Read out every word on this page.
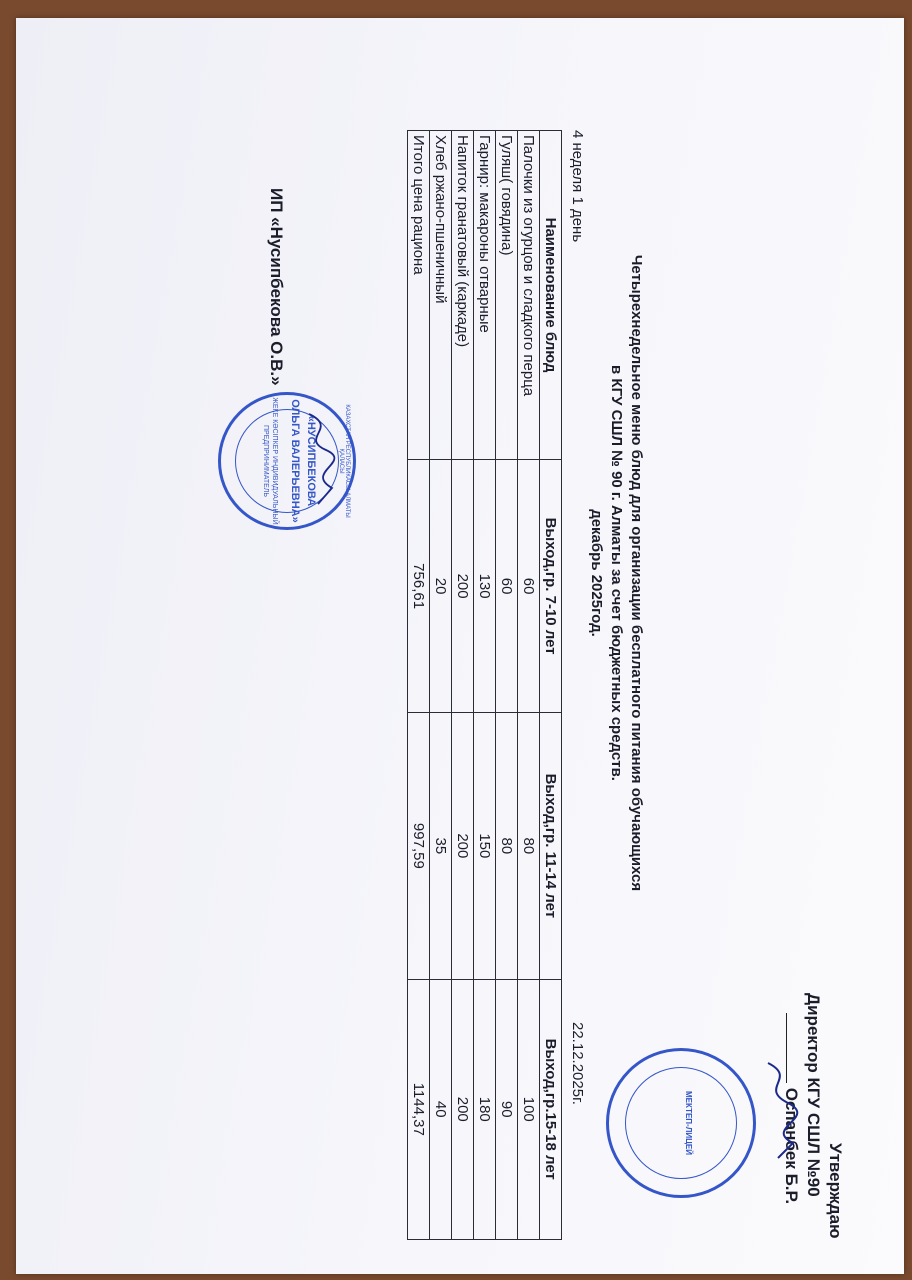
Утверждаю
Директор КГУ СШЛ №90
Оспанбек Б.Р.
МЕКТЕП-ЛИЦЕЙ
Четырехнедельное меню блюд для организации бесплатного питания обучающихся
в КГУ СШЛ № 90 г. Алматы за счет бюджетных средств.
декабрь 2025год.
4 неделя 1 день
22.12.2025г.
Наименование блюд	Выход,гр. 7-10 лет	Выход,гр. 11-14 лет	Выход,гр.15-18 лет
Палочки из огурцов и сладкого перца	60	80	100
Гуляш( говядина)	60	80	90
Гарнир: макароны отварные	130	150	180
Напиток гранатовый (каркаде)	200	200	200
Хлеб ржано-пшеничный	20	35	40
Итого цена рациона	756,61	997,59	1144,37
ИП «Нусипбекова О.В.»
КАЗАХСТАН РЕСПУБЛИКАСЫ АЛМАТЫ ҚАЛАСЫ
«НУСИПБЕКОВА
ОЛЬГА ВАЛЕРЬЕВНА»
ЖЕКЕ КӘСІПКЕР ИНДИВИДУАЛЬНЫЙ ПРЕДПРИНИМАТЕЛЬ
